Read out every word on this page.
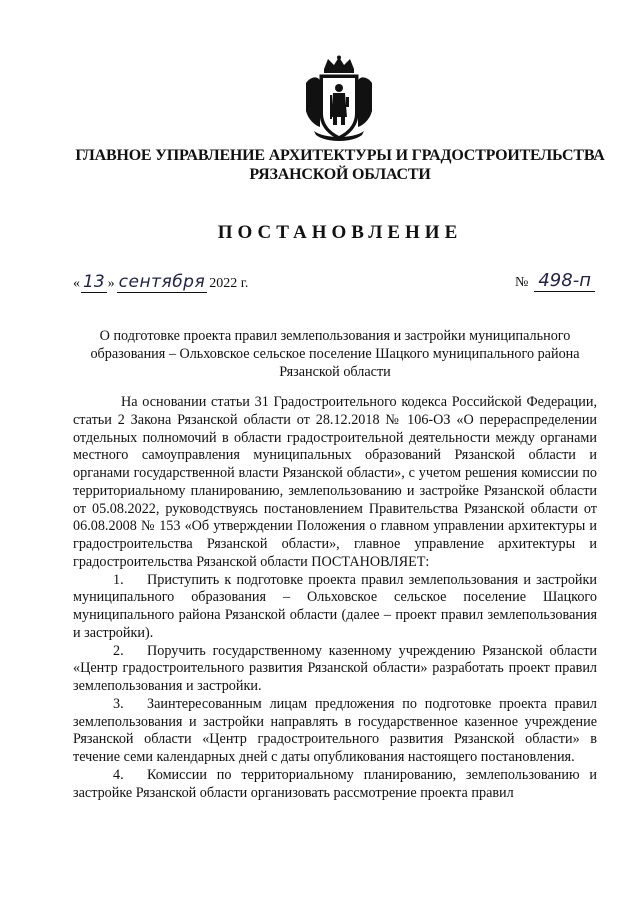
ГЛАВНОЕ УПРАВЛЕНИЕ АРХИТЕКТУРЫ И ГРАДОСТРОИТЕЛЬСТВА
РЯЗАНСКОЙ ОБЛАСТИ
ПОСТАНОВЛЕНИЕ
« 13 » сентября 2022 г.	№ 498-п
О подготовке проекта правил землепользования и застройки муниципального образования – Ольховское сельское поселение Шацкого муниципального района Рязанской области

На основании статьи 31 Градостроительного кодекса Российской Федерации, статьи 2 Закона Рязанской области от 28.12.2018 № 106-ОЗ «О перераспределении отдельных полномочий в области градостроительной деятельности между органами местного самоуправления муниципальных образований Рязанской области и органами государственной власти Рязанской области», с учетом решения комиссии по территориальному планированию, землепользованию и застройке Рязанской области от 05.08.2022, руководствуясь постановлением Правительства Рязанской области от 06.08.2008 № 153 «Об утверждении Положения о главном управлении архитектуры и градостроительства Рязанской области», главное управление архитектуры и градостроительства Рязанской области ПОСТАНОВЛЯЕТ:

1. Приступить к подготовке проекта правил землепользования и застройки муниципального образования – Ольховское сельское поселение Шацкого муниципального района Рязанской области (далее – проект правил землепользования и застройки).

2. Поручить государственному казенному учреждению Рязанской области «Центр градостроительного развития Рязанской области» разработать проект правил землепользования и застройки.

3. Заинтересованным лицам предложения по подготовке проекта правил землепользования и застройки направлять в государственное казенное учреждение Рязанской области «Центр градостроительного развития Рязанской области» в течение семи календарных дней с даты опубликования настоящего постановления.

4. Комиссии по территориальному планированию, землепользованию и застройке Рязанской области организовать рассмотрение проекта правил
